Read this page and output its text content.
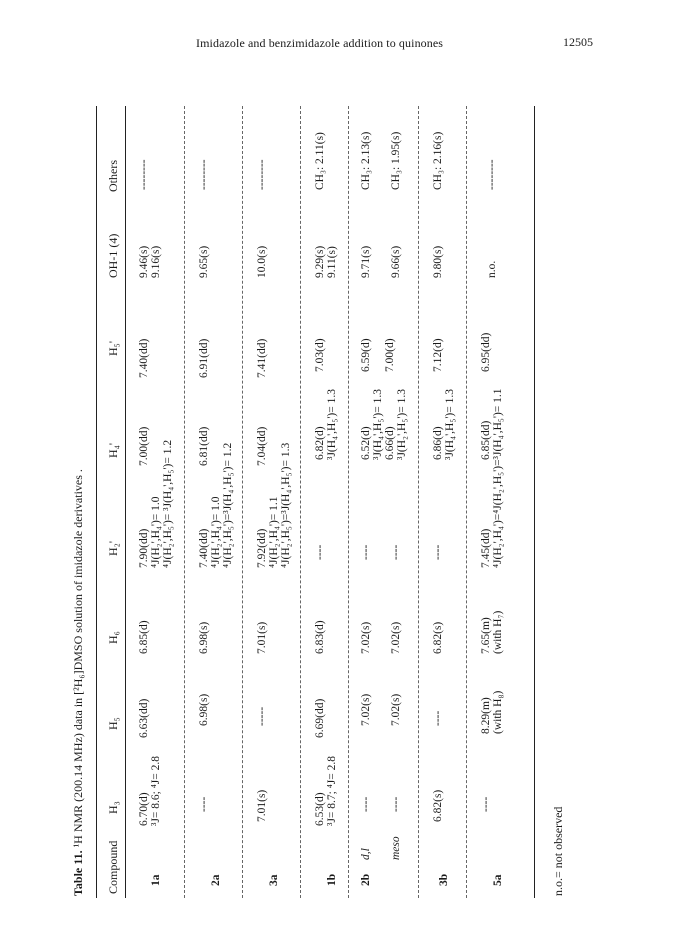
Imidazole and benzimidazole addition to quinones	12505
Table 11. ¹H NMR (200.14 MHz) data in [²H₆]DMSO solution of imidazole derivatives .
Compound
H₃
H₅
H₆
H₂'
H₄'
H₅'
OH-1 (4)
Others
1a
6.70(d) ³J= 8.6; ⁴J= 2.8
6.63(dd)
6.85(d)
7.90(dd)
7.00(dd)
7.40(dd)
⁴J(H₂',H₄')= 1.0 ⁴J(H₂',H₅')= ³J(H₄',H₅')= 1.2
9.46(s) 9.16(s)
--------
2a
----
6.98(s)
6.98(s)
7.40(dd)
6.81(dd)
6.91(dd)
⁴J(H₂',H₄')= 1.0 ⁴J(H₂',H₅')=³J(H₄',H₅')= 1.2
9.65(s)
--------
3a
7.01(s)
-----
7.01(s)
7.92(dd)
7.04(dd)
7.41(dd)
⁴J(H₂',H₄')= 1.1 ⁴J(H₂',H₅')=³J(H₄',H₅')= 1.3
10.0(s)
--------
1b
6.53(d) ³J= 8.7; ⁴J= 2.8
6.69(dd)
6.83(d)
----
6.82(d)
7.03(d)
³J(H₄',H₅')= 1.3
9.29(s) 9.11(s)
CH₃: 2.11(s)
2b
d,l
----
7.02(s)
7.02(s)
----
6.52(d)
6.59(d)
³J(H₄',H₅')= 1.3
9.71(s)
CH₃: 2.13(s)
meso
----
7.02(s)
7.02(s)
----
6.66(d)
7.00(d)
³J(H₂',H₅')= 1.3
9.66(s)
CH₃: 1.95(s)
3b
6.82(s)
----
6.82(s)
----
6.86(d)
7.12(d)
³J(H₄',H₅')= 1.3
9.80(s)
CH₃: 2.16(s)
5a
----
8.29(m) (with H₈)
7.65(m) (with H₇)
7.45(dd)
6.85(dd)
6.95(dd)
⁴J(H₂',H₄')=⁴J(H₂',H₅')=³J(H₄',H₅')= 1.1
n.o.
--------
n.o.= not observed
